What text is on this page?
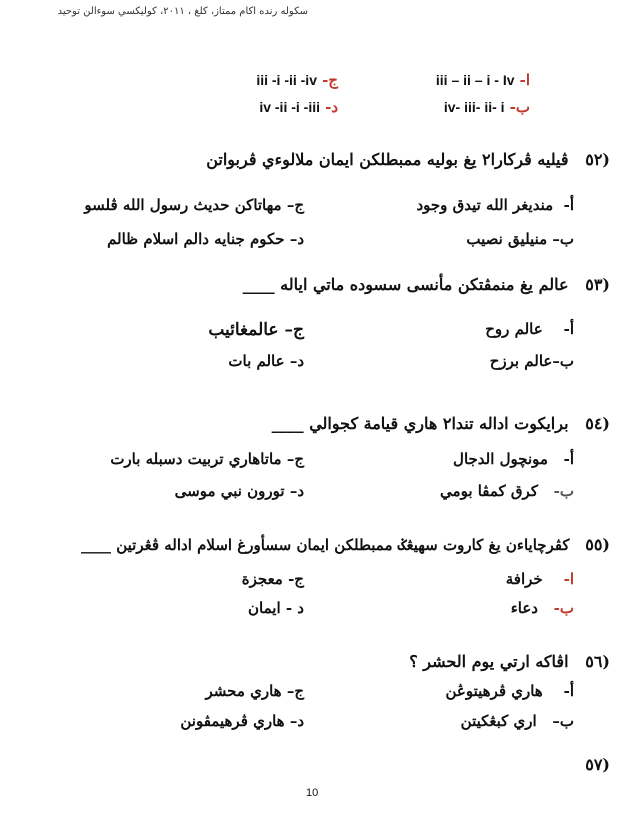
سكوله رنده اکام ممتاز، کلغ ، ٢٠١١، کوليکسي سوءالن توحيد
ا- iii – ii – i - Iv
ب- iv- iii- ii- i
ج- iii -i -ii -iv
د- iv -ii -i -iii
(٥٢   ڤيليه ڤرکارا٢ يغ بوليه ممبطلکن ايمان ملالوءي ڤربواتن
أ-  منديغر الله تيدق وجود
ج– مهاتاکن حديث رسول الله ڤلسو
ب– منيليق نصيب
د– حکوم جنايه دالم اسلام ظالم
(٥٣   عالم يغ منمڤتکن مأنسى سسوده ماتي اياله ____
أ-    عالم روح
ج– عالمغائيب
ب–عالم برزح
د– عالم بات
(٥٤   برايکوت اداله تندا٢ هاري قيامة کجوالي ____
أ-   مونچول الدجال
ج– ماتاهاري تربيت دسبله بارت
ب-   کرق کمڤا بومي
د– تورون نبي موسى
(٥٥   کڤرچاياءن يغ کاروت سهيڠݢ ممبطلکن ايمان سسأورغ اسلام اداله ڤڠرتين ____
ا-    خرافة
ج- معجزة
ب-   دعاء
د - ايمان
(٥٦   اڤاکه ارتي يوم الحشر ؟
أ-    هاري ڤرهيتوڠن
ج– هاري محشر
ب–   اري کبڠکيتن
د– هاري ڤرهيمڤونن
(٥٧
10
